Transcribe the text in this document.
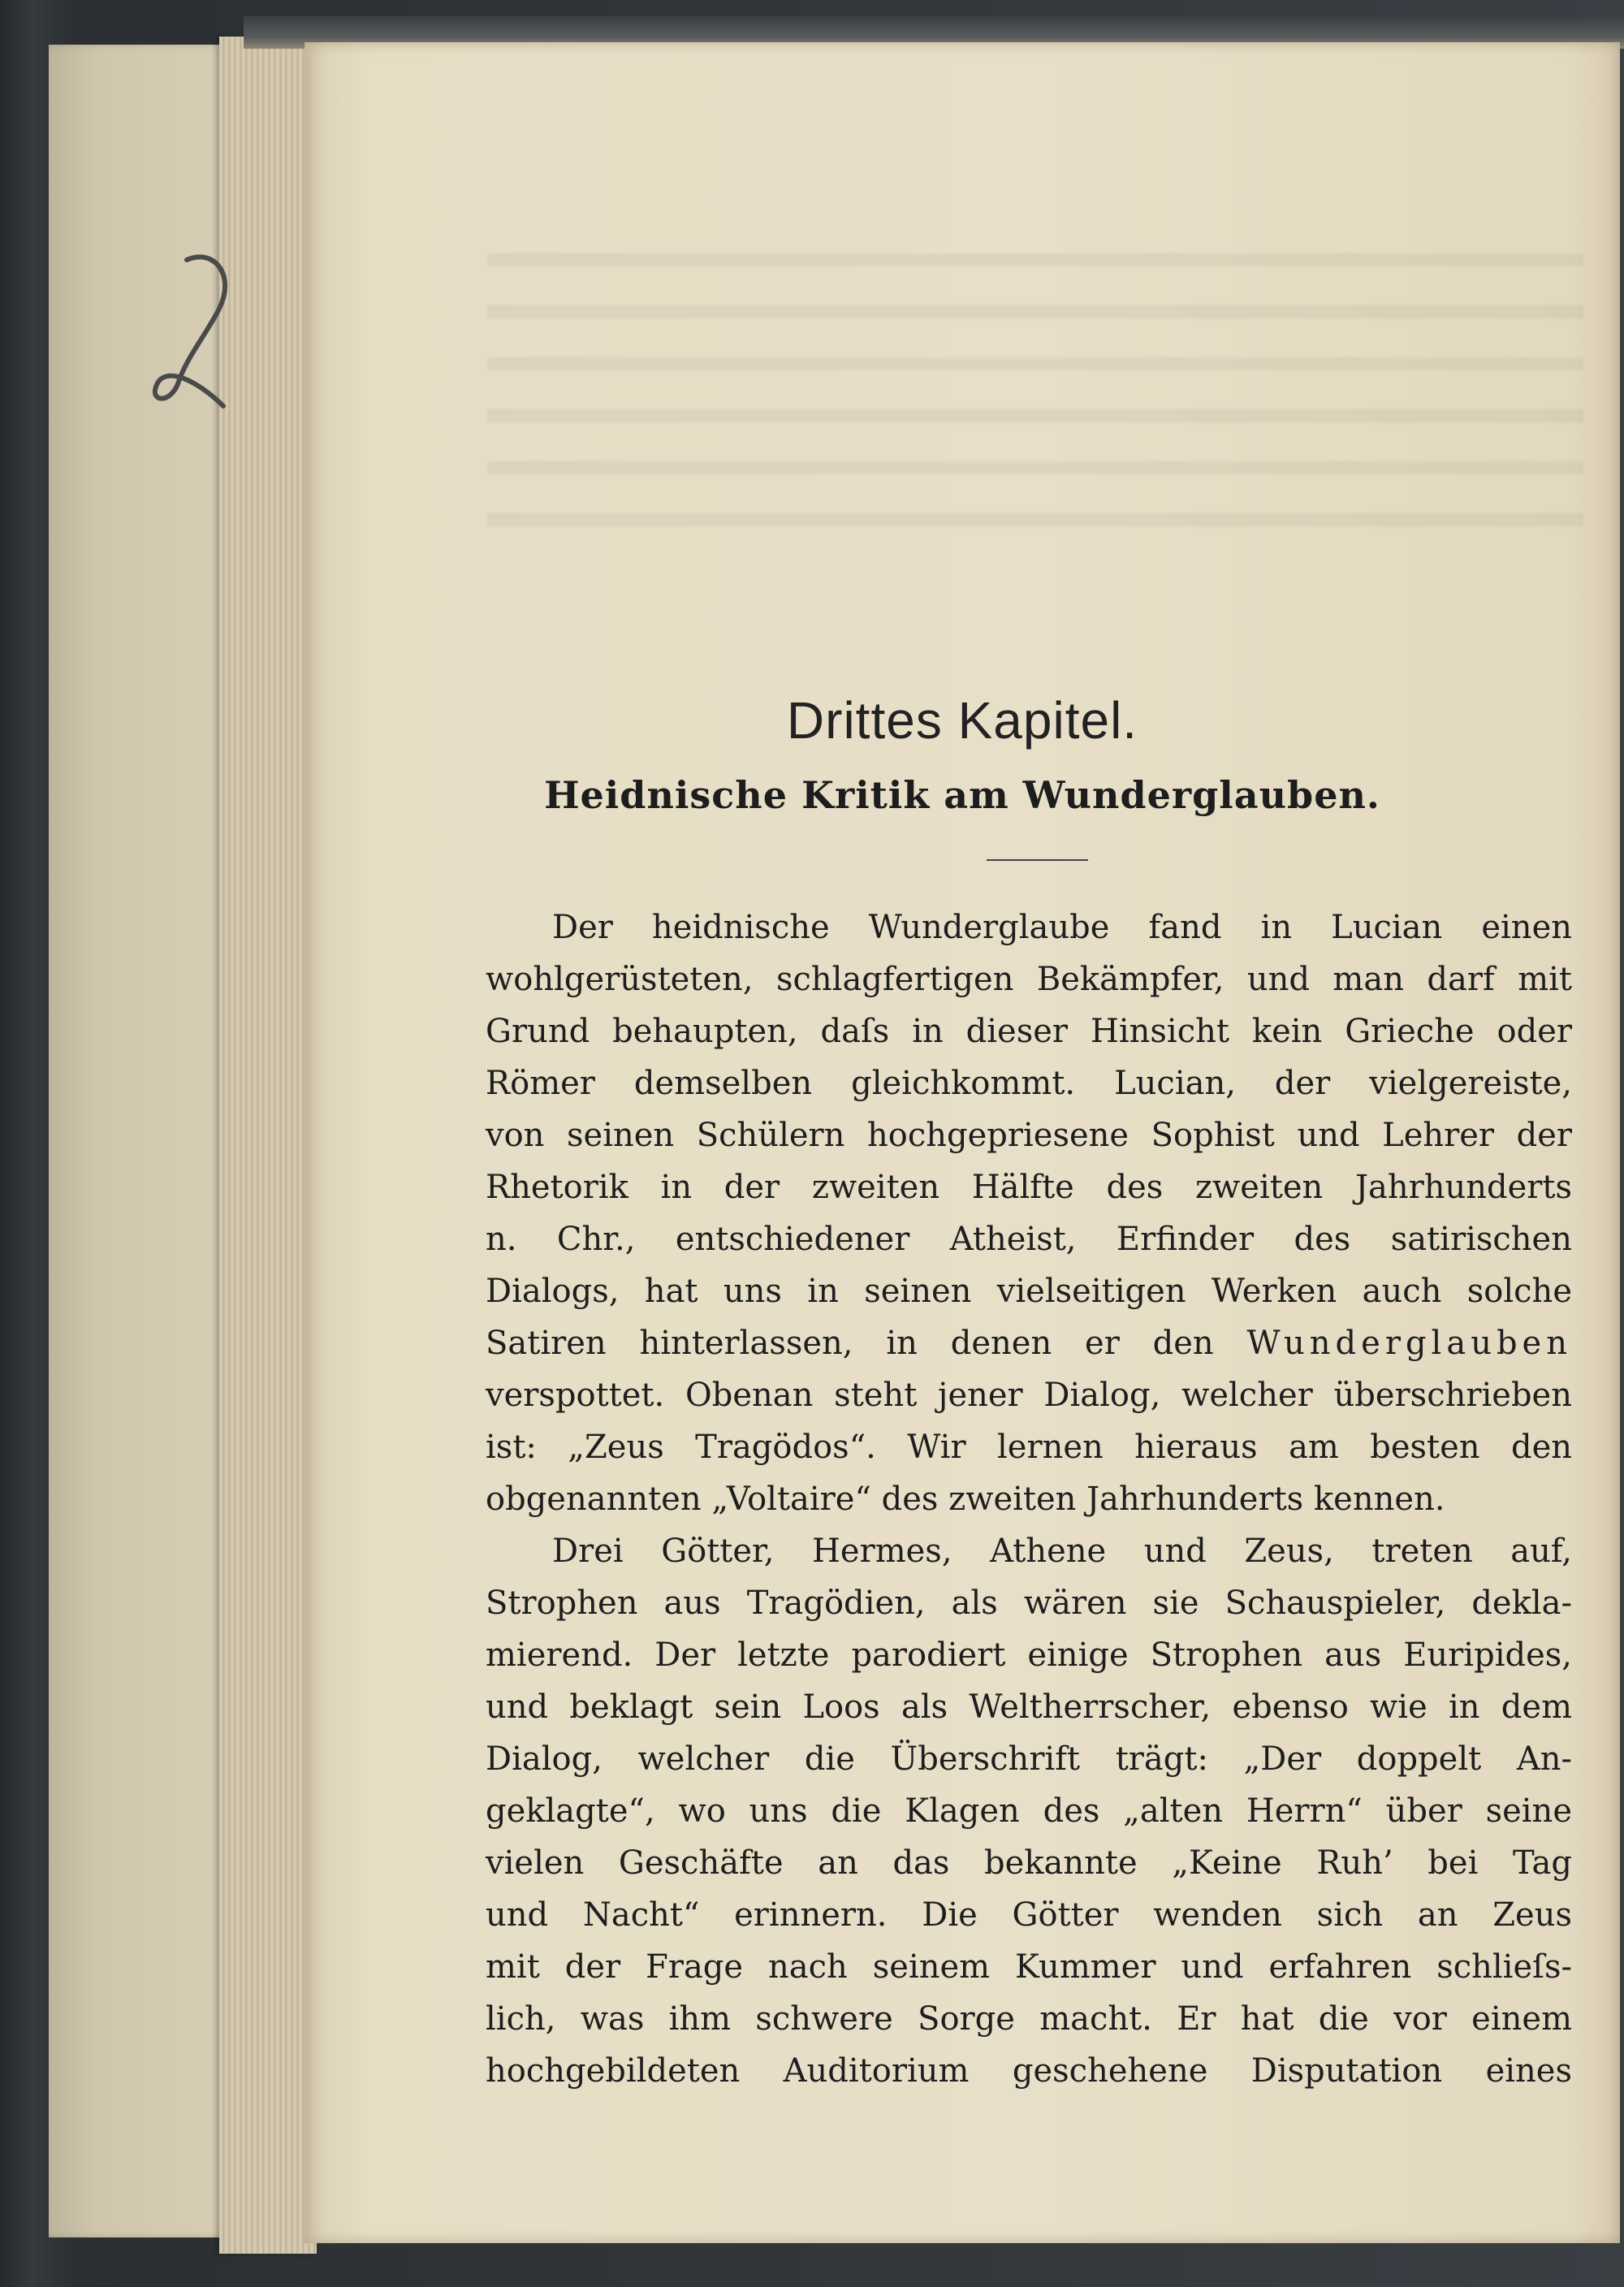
Drittes Kapitel.
Heidnische Kritik am Wunderglauben.
Der heidnische Wunderglaube fand in Lucian einen
wohlgerüsteten, schlagfertigen Bekämpfer, und man darf mit
Grund behaupten, daſs in dieser Hinsicht kein Grieche oder
Römer demselben gleichkommt. Lucian, der vielgereiste,
von seinen Schülern hochgepriesene Sophist und Lehrer der
Rhetorik in der zweiten Hälfte des zweiten Jahrhunderts
n. Chr., entschiedener Atheist, Erfinder des satirischen
Dialogs, hat uns in seinen vielseitigen Werken auch solche
Satiren hinterlassen, in denen er den Wunderglauben
verspottet. Obenan steht jener Dialog, welcher überschrieben
ist: „Zeus Tragödos“. Wir lernen hieraus am besten den
obgenannten „Voltaire“ des zweiten Jahrhunderts kennen.
Drei Götter, Hermes, Athene und Zeus, treten auf,
Strophen aus Tragödien, als wären sie Schauspieler, dekla-
mierend. Der letzte parodiert einige Strophen aus Euripides,
und beklagt sein Loos als Weltherrscher, ebenso wie in dem
Dialog, welcher die Überschrift trägt: „Der doppelt An-
geklagte“, wo uns die Klagen des „alten Herrn“ über seine
vielen Geschäfte an das bekannte „Keine Ruh’ bei Tag
und Nacht“ erinnern. Die Götter wenden sich an Zeus
mit der Frage nach seinem Kummer und erfahren schlieſs-
lich, was ihm schwere Sorge macht. Er hat die vor einem
hochgebildeten Auditorium geschehene Disputation eines
